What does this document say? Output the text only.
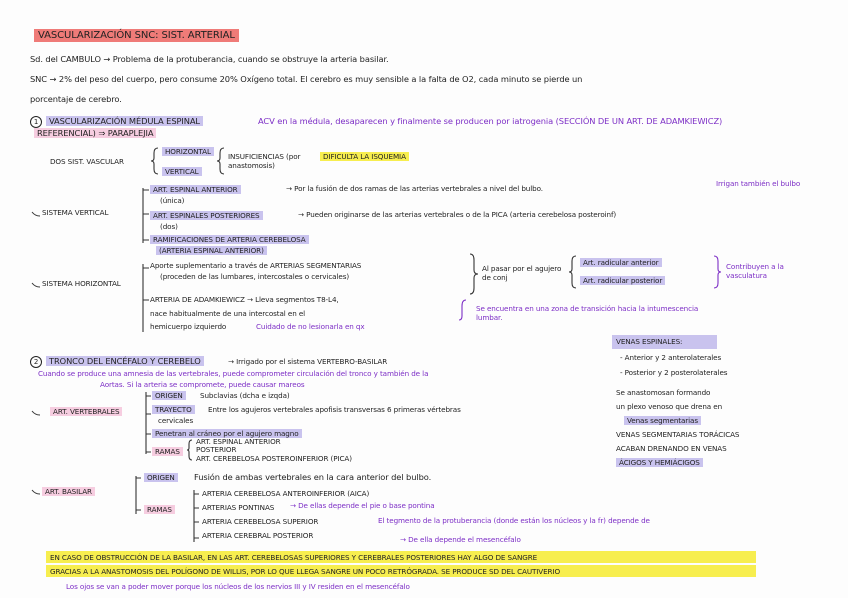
VASCULARIZACIÓN SNC: SIST. ARTERIAL
Sd. del CAMBULO → Problema de la protuberancia, cuando se obstruye la arteria basilar.
SNC → 2% del peso del cuerpo, pero consume 20% Oxígeno total. El cerebro es muy sensible a la falta de O2, cada minuto se pierde un
porcentaje de cerebro.
1 VASCULARIZACIÓN MÉDULA ESPINAL	ACV en la médula, desaparecen y finalmente se producen por iatrogenia (SECCIÓN DE UN ART. DE ADAMKIEWICZ)
REFERENCIAL) ⇒ PARAPLEJIA
DOS SIST. VASCULAR
HORIZONTAL
VERTICAL
INSUFICIENCIAS (por anastomosis)
DIFICULTA LA ISQUEMIA
SISTEMA VERTICAL
ART. ESPINAL ANTERIOR
(única)
→ Por la fusión de dos ramas de las arterias vertebrales a nivel del bulbo.
Irrigan también el bulbo
ART. ESPINALES POSTERIORES
(dos)
→ Pueden originarse de las arterias vertebrales o de la PICA (arteria cerebelosa posteroinf)
RAMIFICACIONES DE ARTERIA CEREBELOSA
(ARTERIA ESPINAL ANTERIOR)
SISTEMA HORIZONTAL
Aporte suplementario a través de ARTERIAS SEGMENTARIAS
(proceden de las lumbares, intercostales o cervicales)
ARTERIA DE ADAMKIEWICZ → Lleva segmentos T8-L4,
nace habitualmente de una intercostal en el
hemicuerpo izquierdo	Cuidado de no lesionarla en qx
Al pasar por el agujero de conj
Art. radicular anterior
Art. radicular posterior
Contribuyen a la vasculatura
Se encuentra en una zona de transición hacia la intumescencia lumbar.
VENAS ESPINALES:
- Anterior y 2 anterolaterales
- Posterior y 2 posterolaterales
Se anastomosan formando
un plexo venoso que drena en
Venas segmentarias
VENAS SEGMENTARIAS TORÁCICAS
ACABAN DRENANDO EN VENAS
ÁCIGOS Y HEMIÁCIGOS
2 TRONCO DEL ENCÉFALO Y CEREBELO	→ Irrigado por el sistema VERTEBRO-BASILAR
Cuando se produce una amnesia de las vertebrales, puede comprometer circulación del tronco y también de la
Aortas. Si la arteria se compromete, puede causar mareos
ART. VERTEBRALES
ORIGEN	Subclavias (dcha e izqda)
TRAYECTO	Entre los agujeros vertebrales apofisis transversas 6 primeras vértebras
cervicales
Penetran al cráneo por el agujero magno
RAMAS
ART. ESPINAL ANTERIOR
POSTERIOR
ART. CEREBELOSA POSTEROINFERIOR (PICA)
ART. BASILAR
ORIGEN	Fusión de ambas vertebrales en la cara anterior del bulbo.
RAMAS
ARTERIA CEREBELOSA ANTEROINFERIOR (AICA)
ARTERIAS PONTINAS → De ellas depende el pie o base pontina
ARTERIA CEREBELOSA SUPERIOR	El tegmento de la protuberancia (donde están los núcleos y la fr) depende de
ARTERIA CEREBRAL POSTERIOR	→ De ella depende el mesencéfalo
EN CASO DE OBSTRUCCIÓN DE LA BASILAR, EN LAS ART. CEREBELOSAS SUPERIORES Y CEREBRALES POSTERIORES HAY ALGO DE SANGRE
GRACIAS A LA ANASTOMOSIS DEL POLÍGONO DE WILLIS, POR LO QUE LLEGA SANGRE UN POCO RETRÓGRADA. SE PRODUCE SD DEL CAUTIVERIO
Los ojos se van a poder mover porque los núcleos de los nervios III y IV residen en el mesencéfalo
